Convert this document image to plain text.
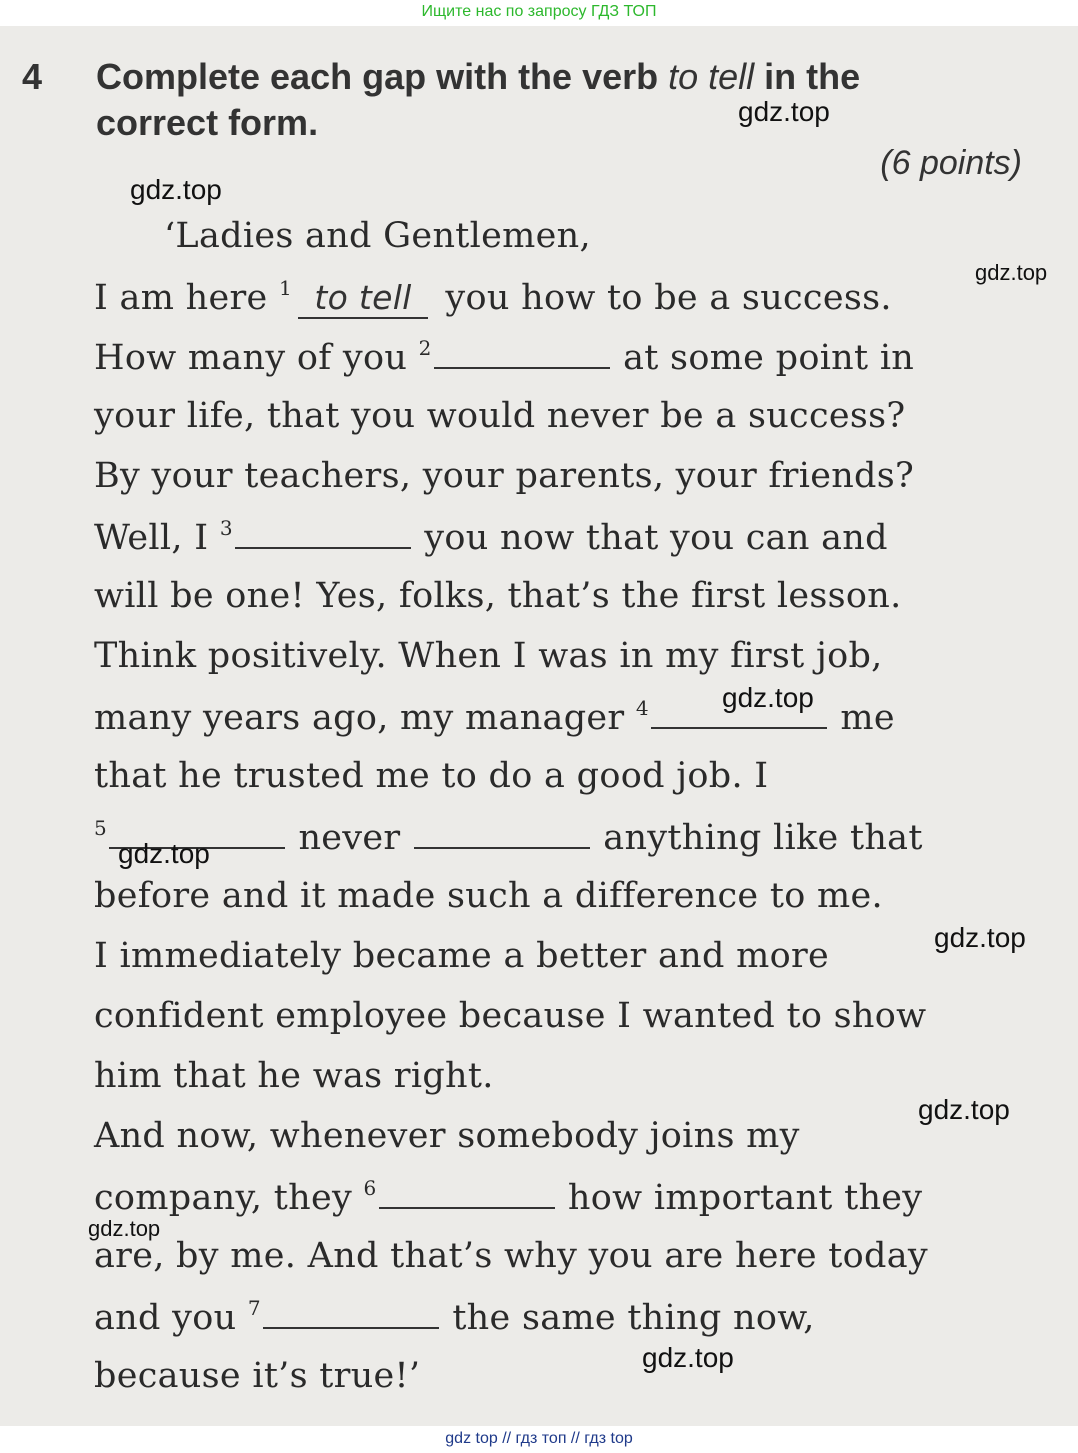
Ищите нас по запросу ГДЗ ТОП
4 Complete each gap with the verb to tell in the
correct form.
(6 points)
‘Ladies and Gentlemen,
I am here $^1$ to tell you how to be a success.
How many of you $^2$	at some point in
your life, that you would never be a success?
By your teachers, your parents, your friends?
Well, I $^3$	you now that you can and
will be one! Yes, folks, that’s the first lesson.
Think positively. When I was in my first job,
many years ago, my manager $^4$	me
that he trusted me to do a good job. I
$^5$	never	anything like that
before and it made such a difference to me.
I immediately became a better and more
confident employee because I wanted to show
him that he was right.
And now, whenever somebody joins my
company, they $^6$	how important they
are, by me. And that’s why you are here today
and you $^7$	the same thing now,
because it’s true!’
gdz.top
gdz.top
gdz.top
gdz.top
gdz.top
gdz.top
gdz.top
gdz.top
gdz.top
gdz top // гдз топ // гдз top
